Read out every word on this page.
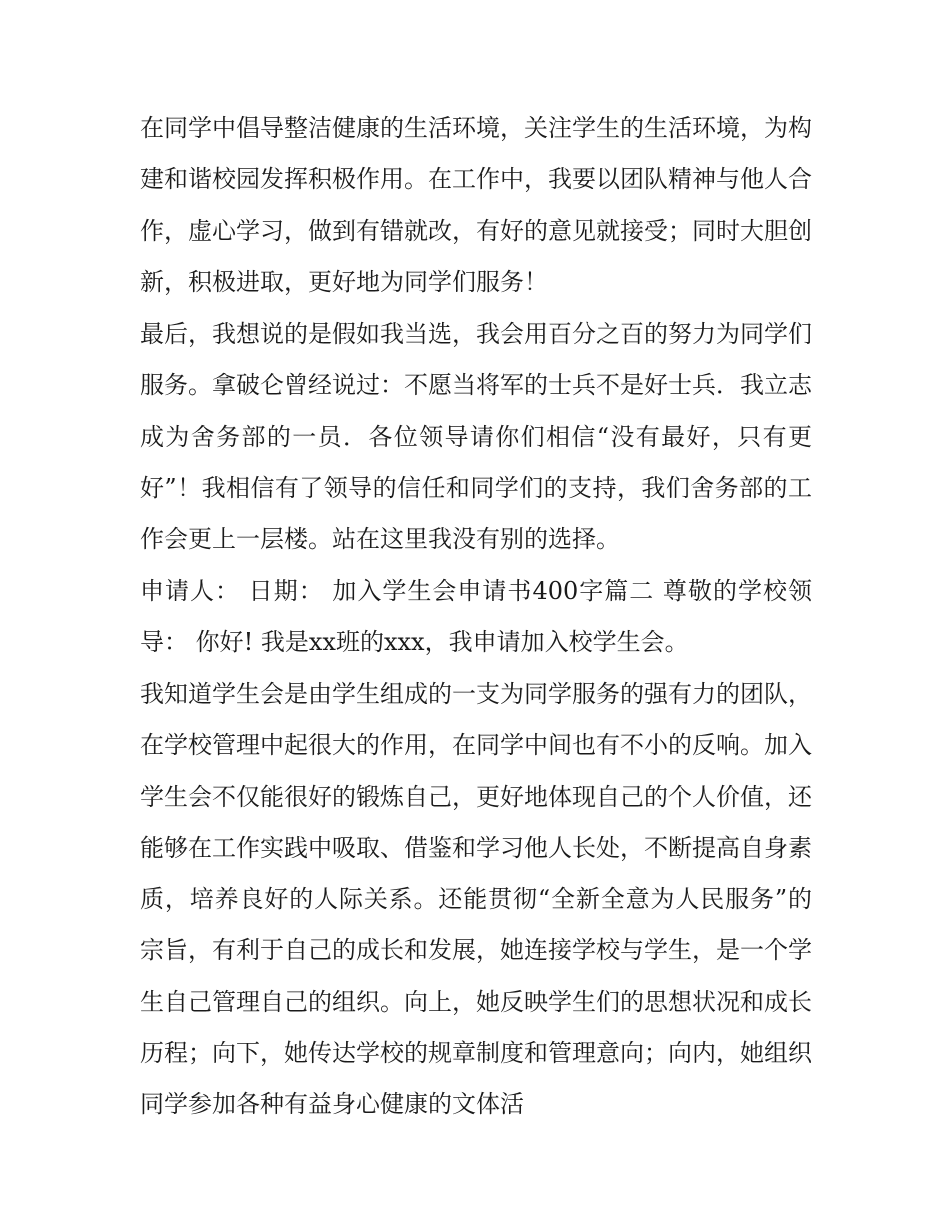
在同学中倡导整洁健康的生活环境，关注学生的生活环境，为构建和谐校园发挥积极作用。在工作中，我要以团队精神与他人合作，虚心学习，做到有错就改，有好的意见就接受；同时大胆创新，积极进取，更好地为同学们服务！

最后，我想说的是假如我当选，我会用百分之百的努力为同学们服务。拿破仑曾经说过：不愿当将军的士兵不是好士兵．我立志成为舍务部的一员．各位领导请你们相信“没有最好，只有更好”！我相信有了领导的信任和同学们的支持，我们舍务部的工作会更上一层楼。站在这里我没有别的选择。

申请人： 日期： 加入学生会申请书400字篇二 尊敬的学校领导： 你好! 我是xx班的xxx，我申请加入校学生会。

我知道学生会是由学生组成的一支为同学服务的强有力的团队，在学校管理中起很大的作用，在同学中间也有不小的反响。加入学生会不仅能很好的锻炼自己，更好地体现自己的个人价值，还能够在工作实践中吸取、借鉴和学习他人长处，不断提高自身素质，培养良好的人际关系。还能贯彻“全新全意为人民服务”的宗旨，有利于自己的成长和发展，她连接学校与学生，是一个学生自己管理自己的组织。向上，她反映学生们的思想状况和成长历程；向下，她传达学校的规章制度和管理意向；向内，她组织同学参加各种有益身心健康的文体活
